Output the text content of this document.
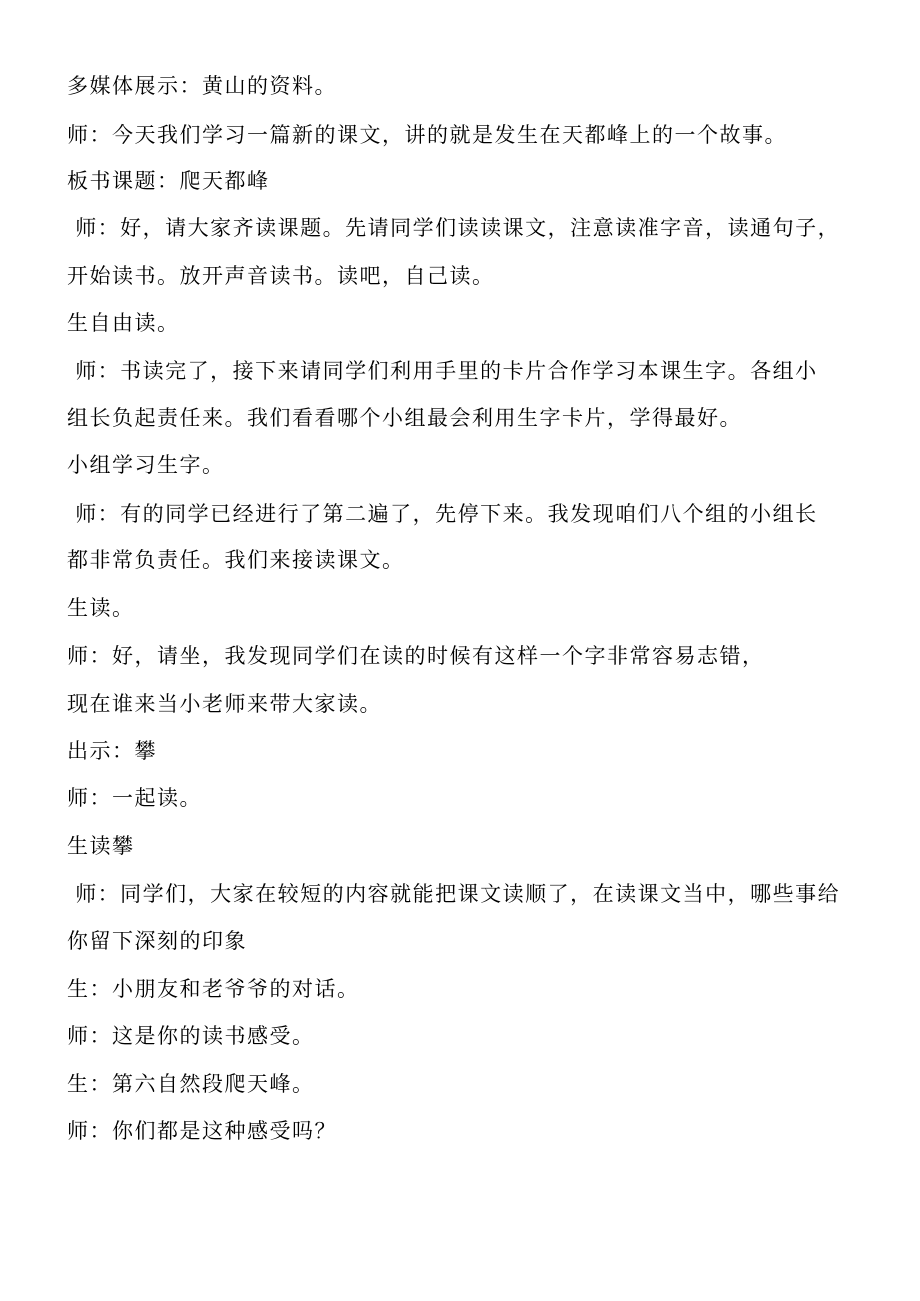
多媒体展示：黄山的资料。
师：今天我们学习一篇新的课文，讲的就是发生在天都峰上的一个故事。
板书课题：爬天都峰
师：好，请大家齐读课题。先请同学们读读课文，注意读准字音，读通句子，
开始读书。放开声音读书。读吧，自己读。
生自由读。
师：书读完了，接下来请同学们利用手里的卡片合作学习本课生字。各组小
组长负起责任来。我们看看哪个小组最会利用生字卡片，学得最好。
小组学习生字。
师：有的同学已经进行了第二遍了，先停下来。我发现咱们八个组的小组长
都非常负责任。我们来接读课文。
生读。
师：好，请坐，我发现同学们在读的时候有这样一个字非常容易志错，
现在谁来当小老师来带大家读。
出示：攀
师：一起读。
生读攀
师：同学们，大家在较短的内容就能把课文读顺了，在读课文当中，哪些事给
你留下深刻的印象
生：小朋友和老爷爷的对话。
师：这是你的读书感受。
生：第六自然段爬天峰。
师：你们都是这种感受吗？
